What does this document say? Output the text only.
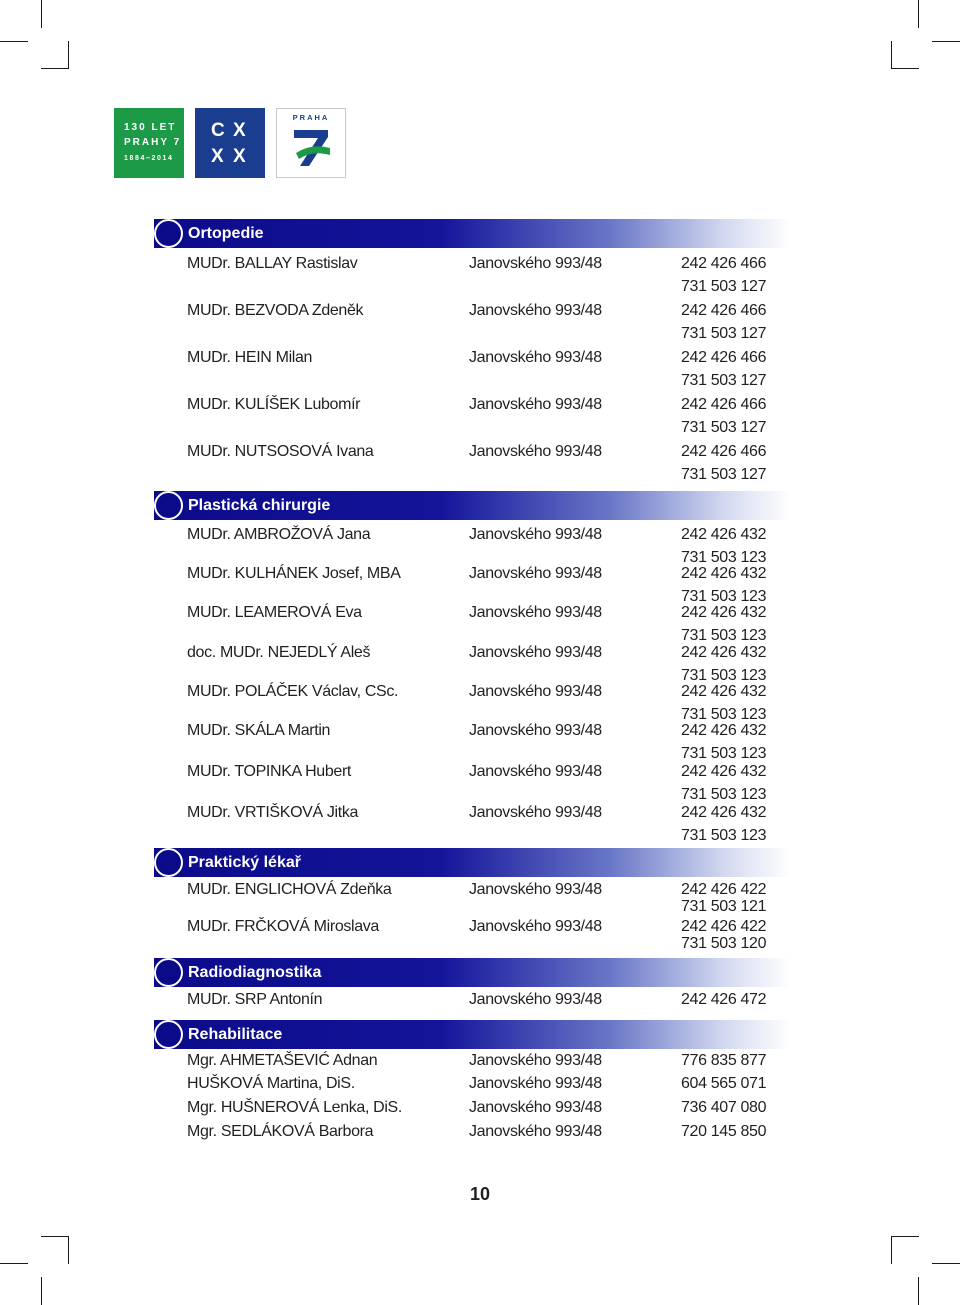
130 LET
PRAHY 7
1884–2014
C X
X X
PRAHA
Ortopedie
MUDr. BALLAY Rastislav	Janovského 993/48	242 426 466
731 503 127
MUDr. BEZVODA Zdeněk	Janovského 993/48	242 426 466
731 503 127
MUDr. HEIN Milan	Janovského 993/48	242 426 466
731 503 127
MUDr. KULÍŠEK Lubomír	Janovského 993/48	242 426 466
731 503 127
MUDr. NUTSOSOVÁ Ivana	Janovského 993/48	242 426 466
731 503 127
Plastická chirurgie
MUDr. AMBROŽOVÁ Jana	Janovského 993/48	242 426 432
731 503 123
MUDr. KULHÁNEK Josef, MBA	Janovského 993/48	242 426 432
731 503 123
MUDr. LEAMEROVÁ Eva	Janovského 993/48	242 426 432
731 503 123
doc. MUDr. NEJEDLÝ Aleš	Janovského 993/48	242 426 432
731 503 123
MUDr. POLÁČEK Václav, CSc.	Janovského 993/48	242 426 432
731 503 123
MUDr. SKÁLA Martin	Janovského 993/48	242 426 432
731 503 123
MUDr. TOPINKA Hubert	Janovského 993/48	242 426 432
731 503 123
MUDr. VRTIŠKOVÁ Jitka	Janovského 993/48	242 426 432
731 503 123
Praktický lékař
MUDr. ENGLICHOVÁ Zdeňka	Janovského 993/48	242 426 422
731 503 121
MUDr. FRČKOVÁ Miroslava	Janovského 993/48	242 426 422
731 503 120
Radiodiagnostika
MUDr. SRP Antonín	Janovského 993/48	242 426 472
Rehabilitace
Mgr. AHMETAŠEVIĆ Adnan	Janovského 993/48	776 835 877
HUŠKOVÁ Martina, DiS.	Janovského 993/48	604 565 071
Mgr. HUŠNEROVÁ Lenka, DiS.	Janovského 993/48	736 407 080
Mgr. SEDLÁKOVÁ Barbora	Janovského 993/48	720 145 850
10
